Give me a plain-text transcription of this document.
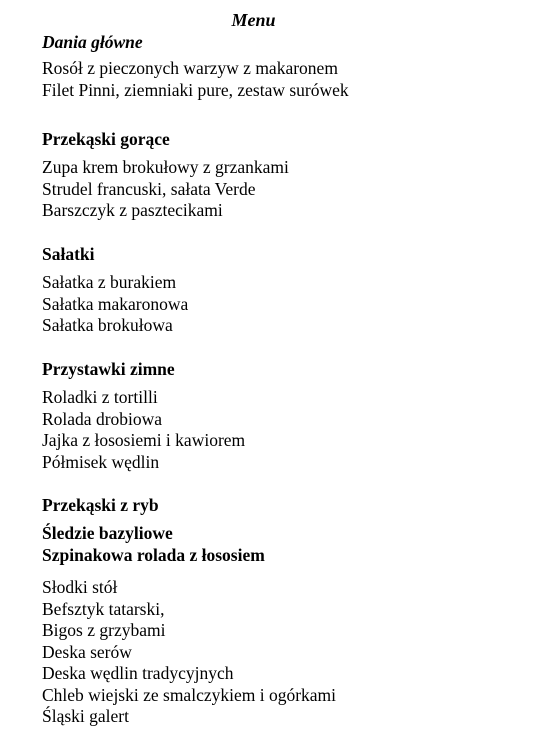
Menu

Dania główne

Rosół z pieczonych warzyw z makaronem
Filet Pinni, ziemniaki pure, zestaw surówek

Przekąski gorące

Zupa krem brokułowy z grzankami
Strudel francuski, sałata Verde
Barszczyk z pasztecikami

Sałatki

Sałatka z burakiem
Sałatka makaronowa
Sałatka brokułowa

Przystawki zimne

Roladki z tortilli
Rolada drobiowa
Jajka z łososiemi i kawiorem
Półmisek wędlin

Przekąski z ryb

Śledzie bazyliowe
Szpinakowa rolada z łososiem
Słodki stół
Befsztyk tatarski,
Bigos z grzybami
Deska serów
Deska wędlin tradycyjnych
Chleb wiejski ze smalczykiem i ogórkami
Śląski galert
